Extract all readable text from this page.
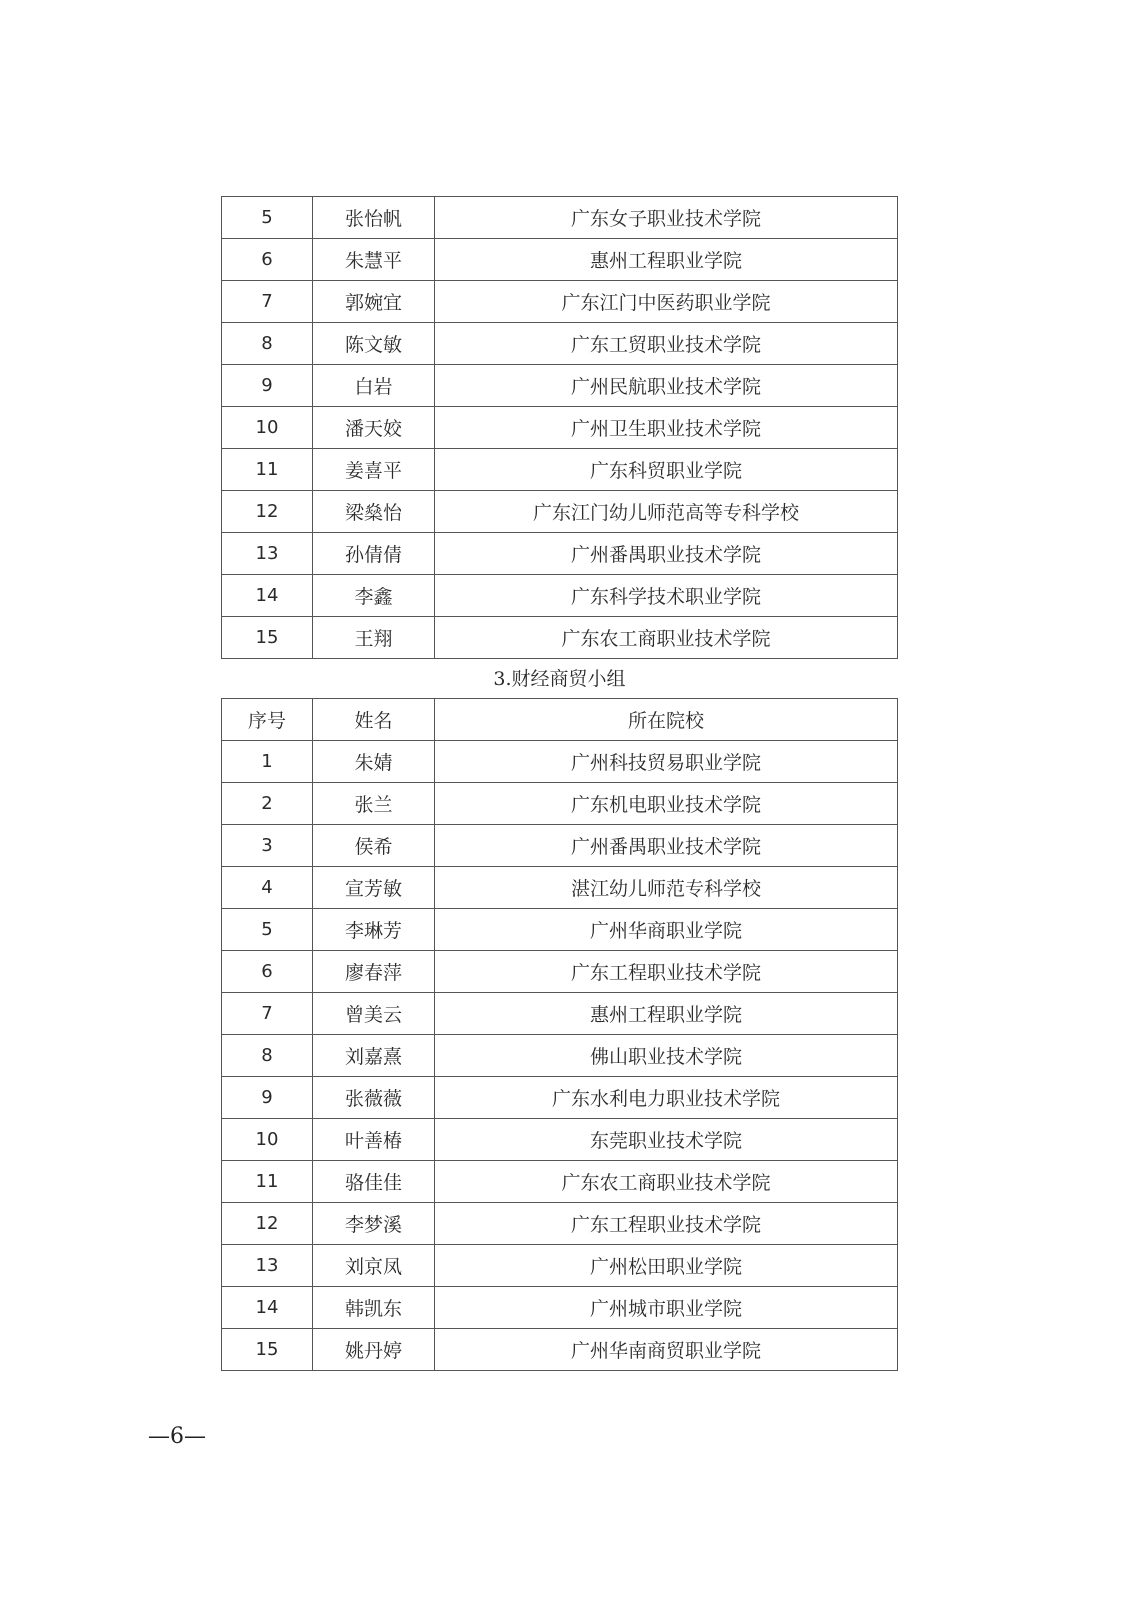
5	张怡帆	广东女子职业技术学院
6	朱慧平	惠州工程职业学院
7	郭婉宜	广东江门中医药职业学院
8	陈文敏	广东工贸职业技术学院
9	白岩	广州民航职业技术学院
10	潘天姣	广州卫生职业技术学院
11	姜喜平	广东科贸职业学院
12	梁燊怡	广东江门幼儿师范高等专科学校
13	孙倩倩	广州番禺职业技术学院
14	李鑫	广东科学技术职业学院
15	王翔	广东农工商职业技术学院
3.财经商贸小组
序号	姓名	所在院校
1	朱婧	广州科技贸易职业学院
2	张兰	广东机电职业技术学院
3	侯希	广州番禺职业技术学院
4	宣芳敏	湛江幼儿师范专科学校
5	李琳芳	广州华商职业学院
6	廖春萍	广东工程职业技术学院
7	曾美云	惠州工程职业学院
8	刘嘉熹	佛山职业技术学院
9	张薇薇	广东水利电力职业技术学院
10	叶善椿	东莞职业技术学院
11	骆佳佳	广东农工商职业技术学院
12	李梦溪	广东工程职业技术学院
13	刘京凤	广州松田职业学院
14	韩凯东	广州城市职业学院
15	姚丹婷	广州华南商贸职业学院
—6—
